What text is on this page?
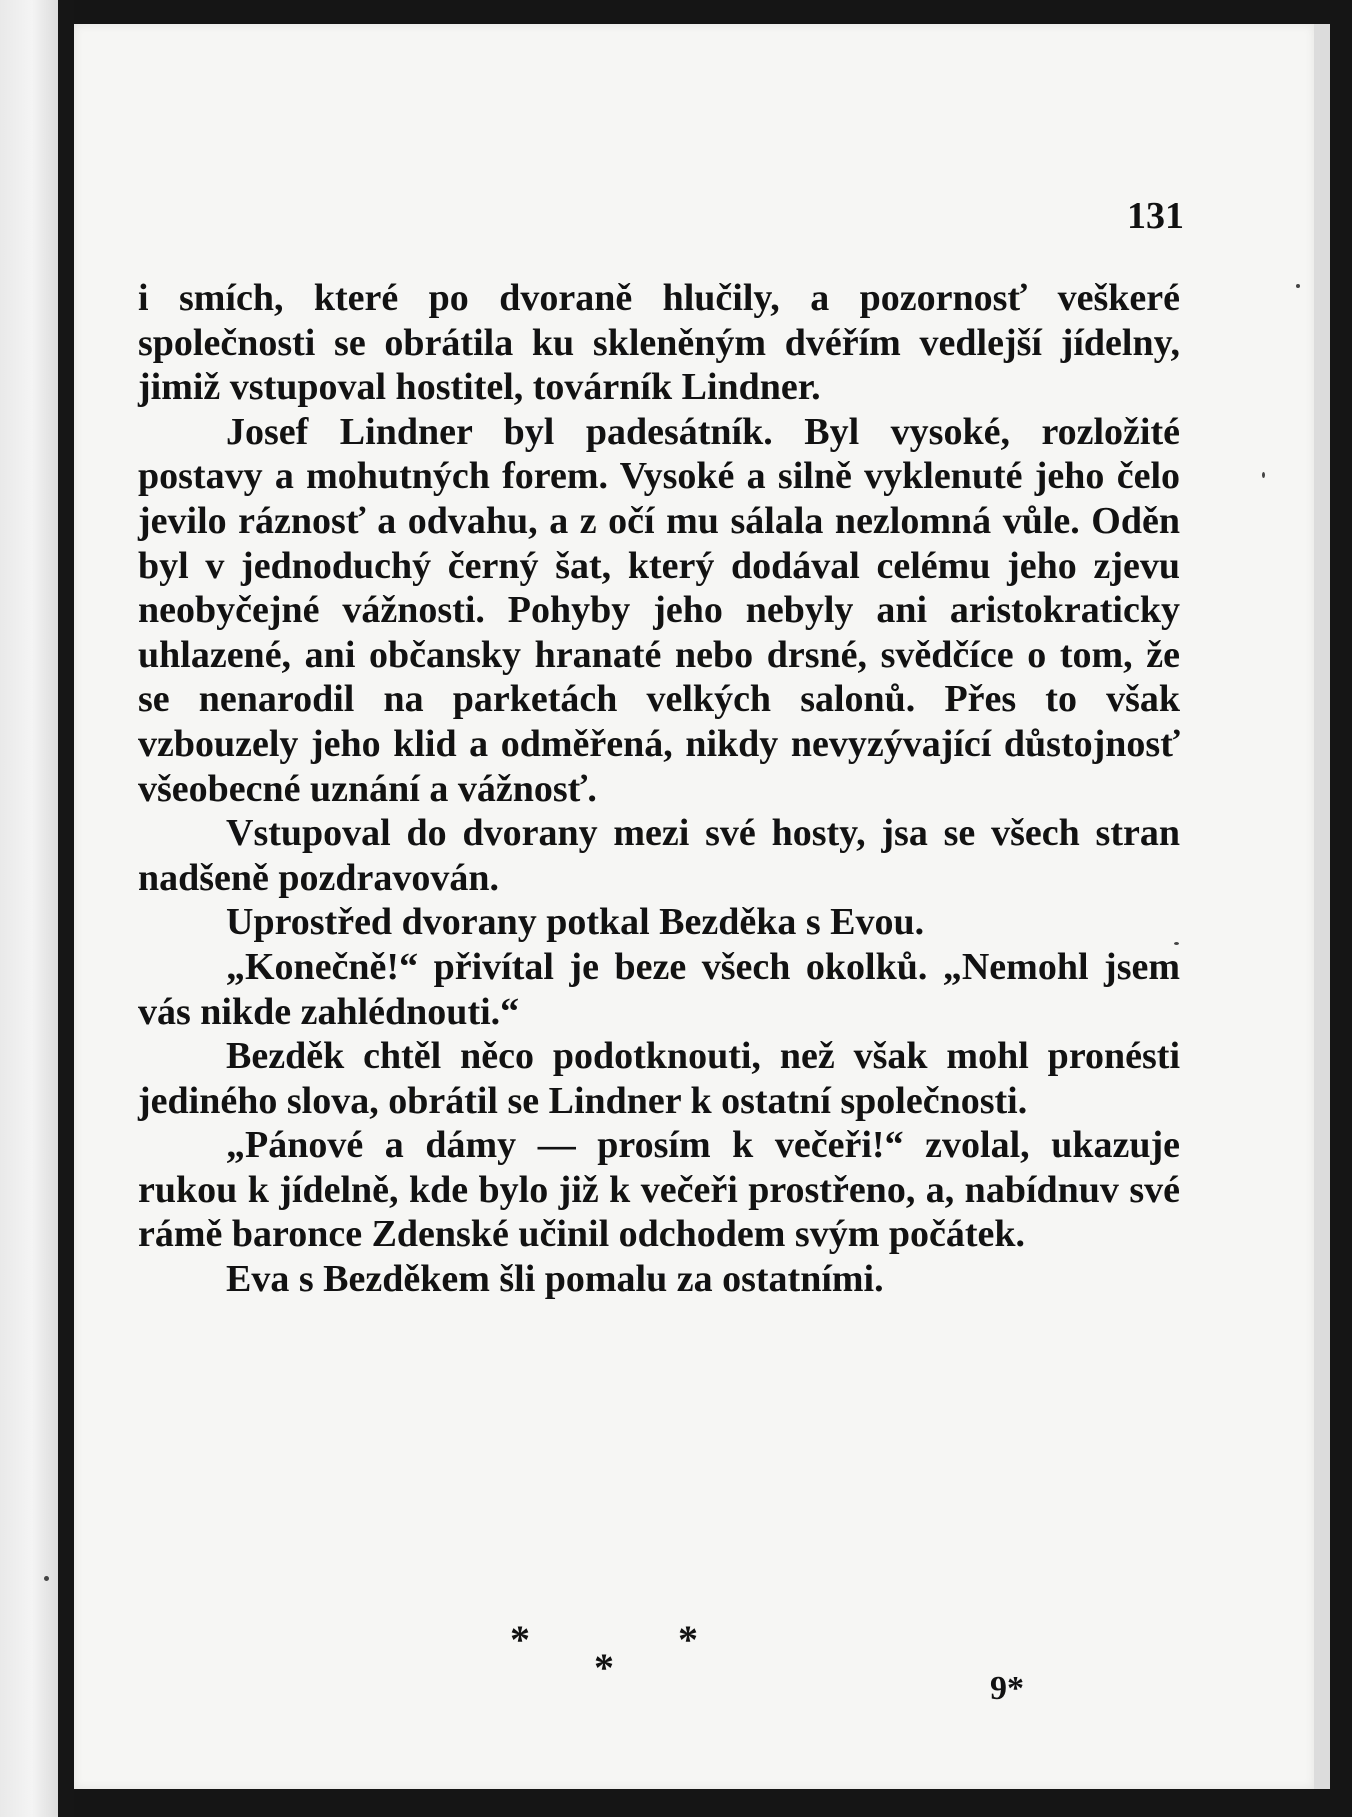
131

i smích, které po dvoraně hlučily, a pozornosť veškeré společnosti se obrátila ku skleněným dvéřím vedlejší jídelny, jimiž vstupoval hostitel, továrník Lindner.

Josef Lindner byl padesátník. Byl vysoké, rozložité postavy a mohutných forem. Vysoké a silně vyklenuté jeho čelo jevilo ráznosť a odvahu, a z očí mu sálala nezlomná vůle. Oděn byl v jednoduchý černý šat, který dodával celému jeho zjevu neobyčejné vážnosti. Pohyby jeho nebyly ani aristokraticky uhlazené, ani občansky hranaté nebo drsné, svědčíce o tom, že se nenarodil na parketách velkých salonů. Přes to však vzbouzely jeho klid a odměřená, nikdy nevyzývající důstojnosť všeobecné uznání a vážnosť.

Vstupoval do dvorany mezi své hosty, jsa se všech stran nadšeně pozdravován.

Uprostřed dvorany potkal Bezděka s Evou.

„Konečně!“ přivítal je beze všech okolků. „Nemohl jsem vás nikde zahlédnouti.“

Bezděk chtěl něco podotknouti, než však mohl pronésti jediného slova, obrátil se Lindner k ostatní společnosti.

„Pánové a dámy — prosím k večeři!“ zvolal, ukazuje rukou k jídelně, kde bylo již k večeři prostřeno, a, nabídnuv své rámě baronce Zdenské učinil odchodem svým počátek.

Eva s Bezděkem šli pomalu za ostatními.

*	*
*	9*
